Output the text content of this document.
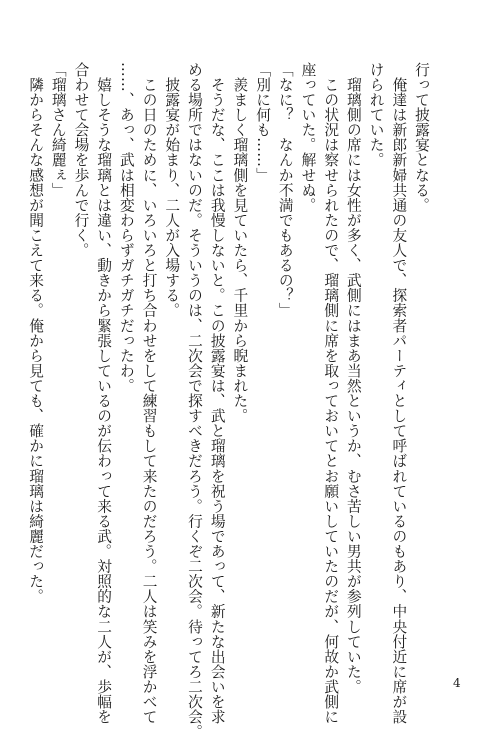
行って披露宴となる。

　俺達は新郎新婦共通の友人で、探索者パーティとして呼ばれているのもあり、中央付近に席が設

けられていた。

　瑠璃側の席には女性が多く、武側にはまあ当然というか、むさ苦しい男共が参列していた。

　この状況は察せられたので、瑠璃側に席を取っておいてとお願いしていたのだが、何故か武側に

座っていた。解せぬ。

「なに？　なんか不満でもあるの？」

「別に何も……」

　羨ましく瑠璃側を見ていたら、千里から睨まれた。

　そうだな、ここは我慢しないと。この披露宴は、武と瑠璃を祝う場であって、新たな出会いを求

める場所ではないのだ。そういうのは、二次会で探すべきだろう。行くぞ二次会。待ってろ二次会。

　披露宴が始まり、二人が入場する。

　この日のために、いろいろと打ち合わせをして練習もして来たのだろう。二人は笑みを浮かべて

……、あっ、武は相変わらずガチガチだったわ。

　嬉しそうな瑠璃とは違い、動きから緊張しているのが伝わって来る武。対照的な二人が、歩幅を

合わせて会場を歩んで行く。

「瑠璃さん綺麗ぇ」

　隣からそんな感想が聞こえて来る。俺から見ても、確かに瑠璃は綺麗だった。

4
